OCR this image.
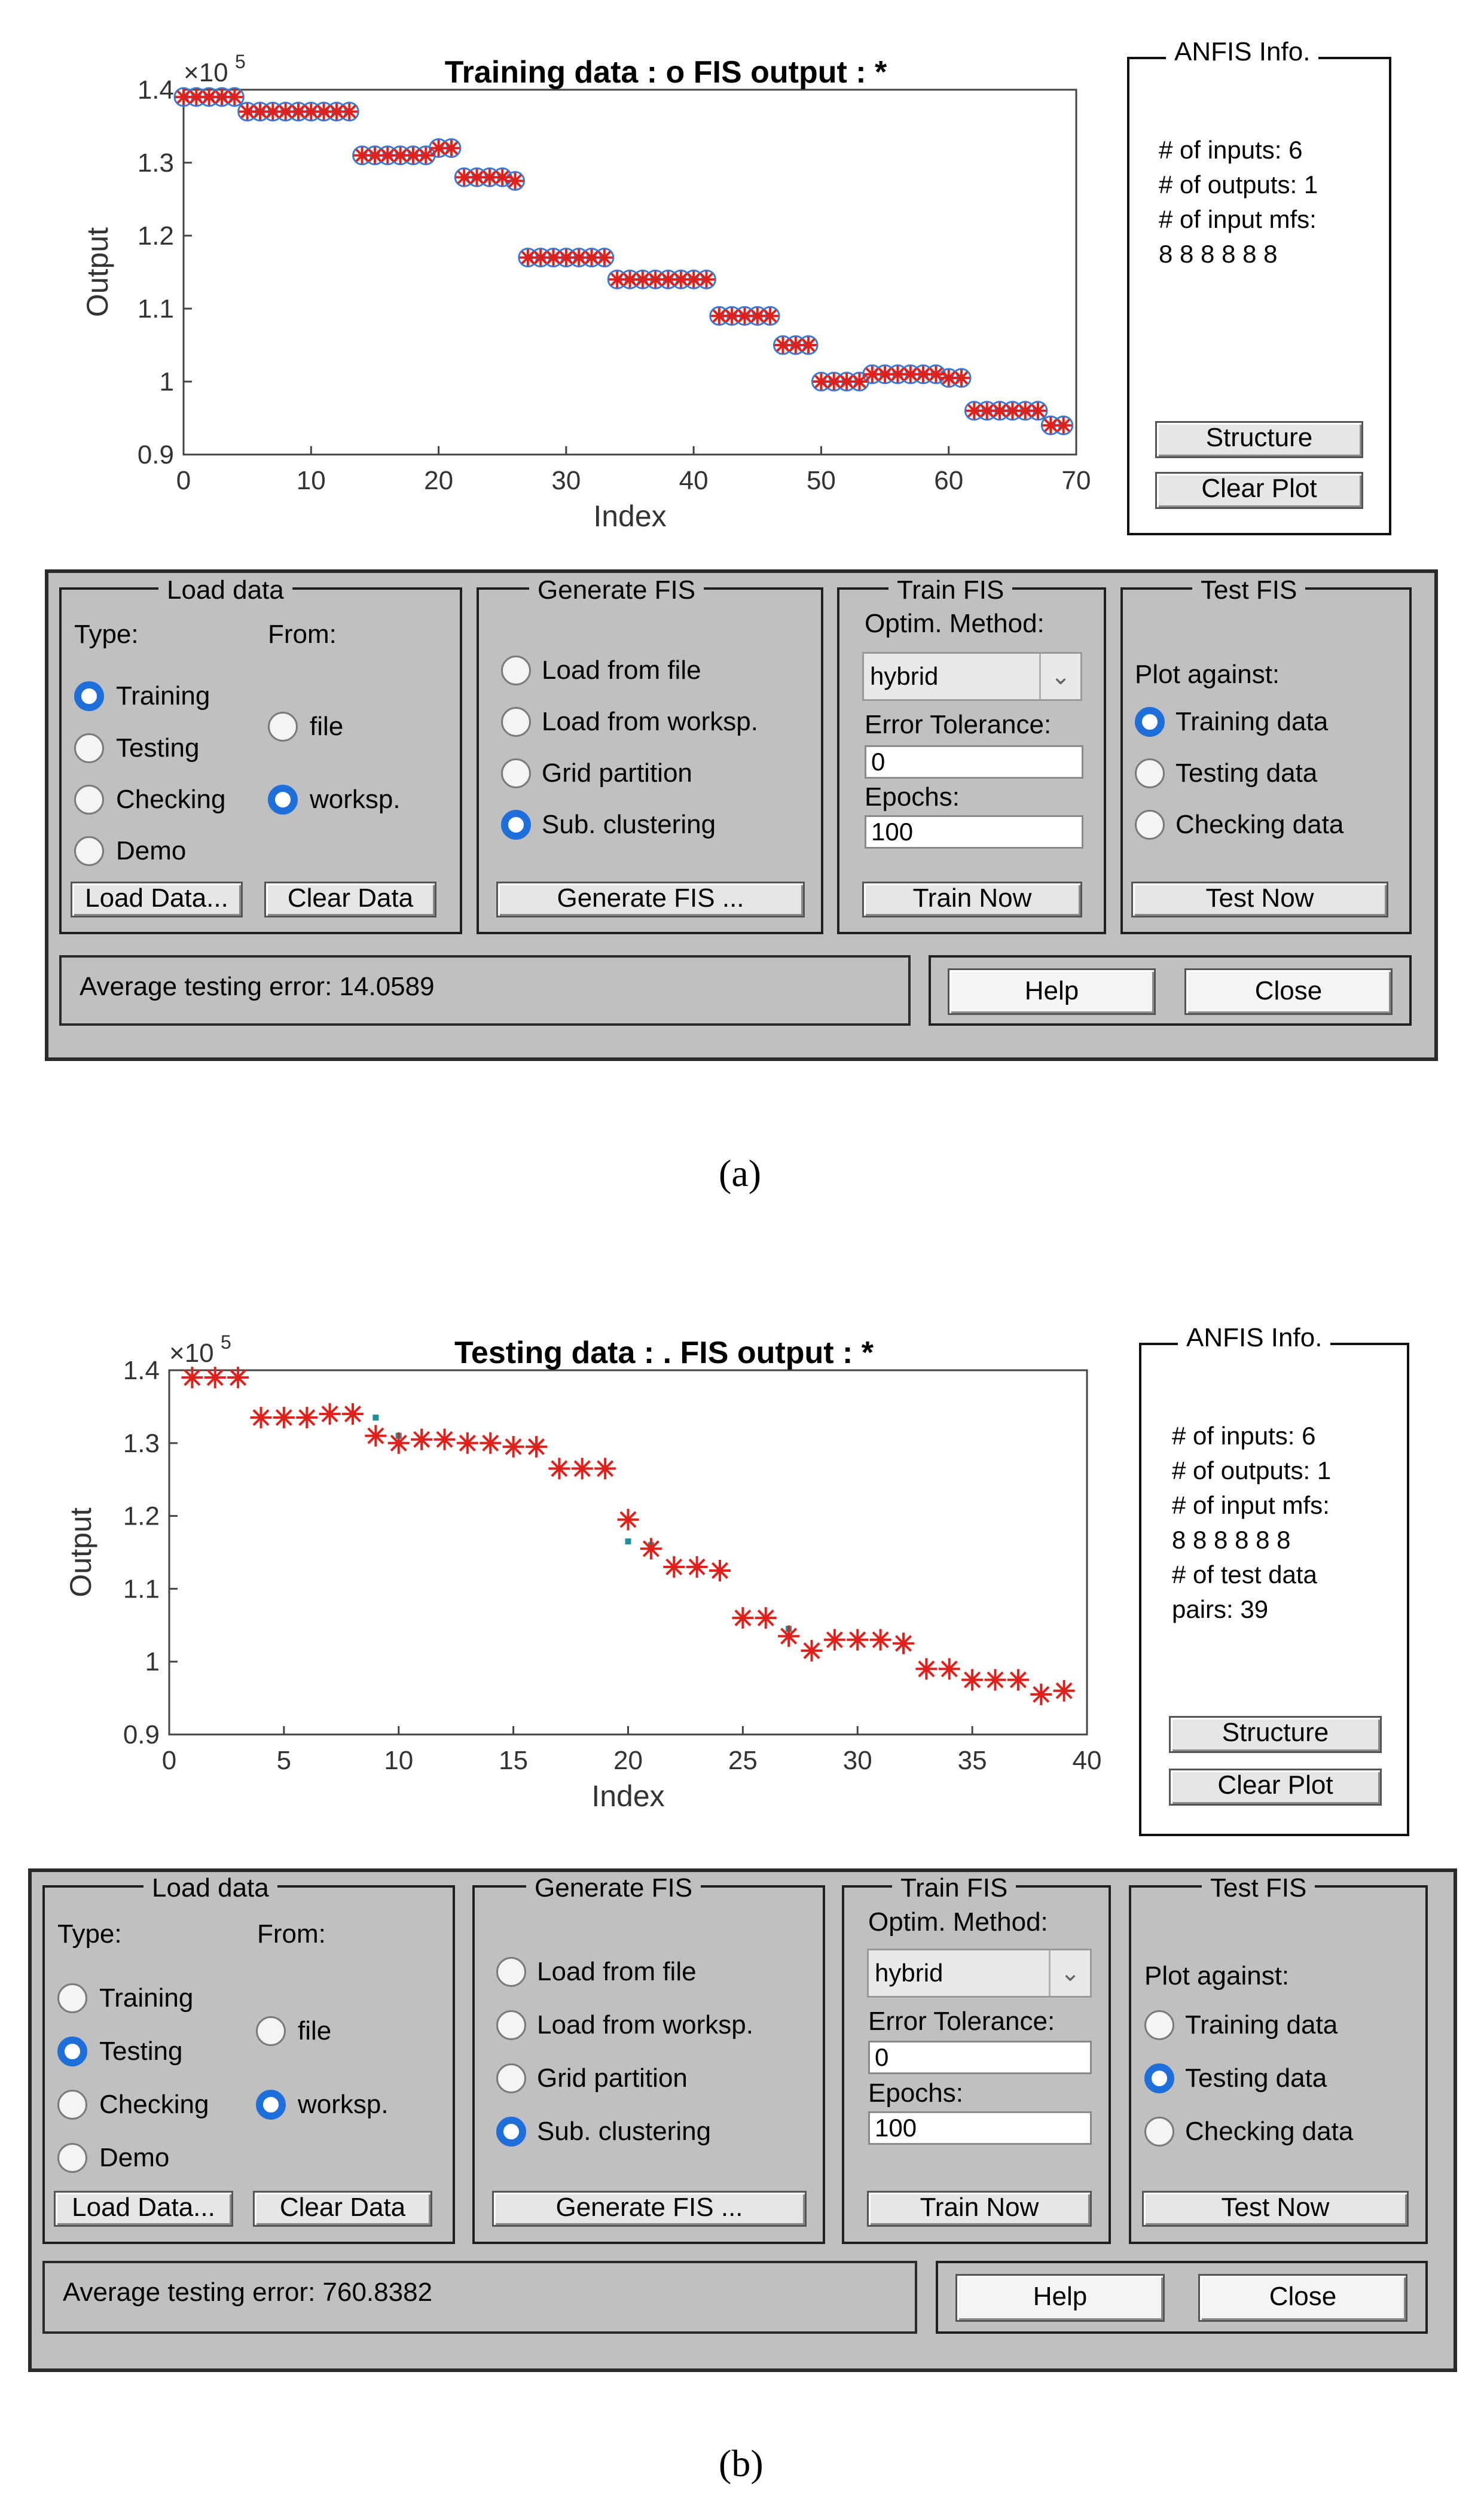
Training data : o FIS output : *
0	10	20	30	40	50	60	70
0.9
1
1.1
1.2
1.3
1.4
×10 5
Index
Output
ANFIS Info.
# of inputs: 6
# of outputs: 1
# of input mfs:
8 8 8 8 8 8
Structure
Clear Plot
Load data
Type:	From:
Training
Testing
Checking
Demo
file
worksp.
Load Data...	Clear Data
Generate FIS
Load from file
Load from worksp.
Grid partition
Sub. clustering
Generate FIS ...
Train FIS
Optim. Method:
hybrid	⌄
Error Tolerance:
0
Epochs:
100
Train Now
Test FIS
Plot against:
Training data
Testing data
Checking data
Test Now
Average testing error: 14.0589	Help	Close
(a)
Testing data : . FIS output : *
0	5	10	15	20	25	30	35	40
0.9
1
1.1
1.2
1.3
1.4
×10 5
Index
Output
ANFIS Info.
# of inputs: 6
# of outputs: 1
# of input mfs:
8 8 8 8 8 8
# of test data
pairs: 39
Structure
Clear Plot
Load data
Type:	From:
Training
Testing
Checking
Demo
file
worksp.
Load Data...	Clear Data
Generate FIS
Load from file
Load from worksp.
Grid partition
Sub. clustering
Generate FIS ...
Train FIS
Optim. Method:
hybrid	⌄
Error Tolerance:
0
Epochs:
100
Train Now
Test FIS
Plot against:
Training data
Testing data
Checking data
Test Now
Average testing error: 760.8382	Help	Close
(b)
